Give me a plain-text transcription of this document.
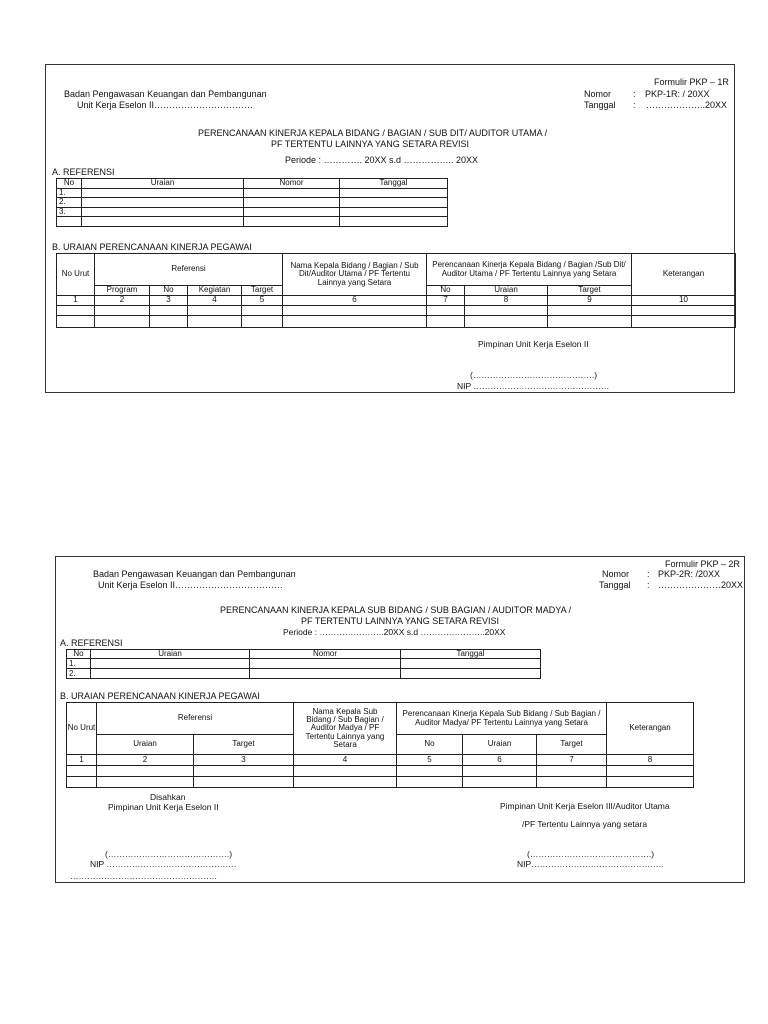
Formulir PKP – 1R
Badan Pengawasan Keuangan dan Pembangunan
Unit Kerja Eselon II……………………………
Nomor : PKP-1R: / 20XX
Tanggal : ………………..20XX
PERENCANAAN KINERJA KEPALA BIDANG / BAGIAN / SUB DIT/ AUDITOR UTAMA /
PF TERTENTU LAINNYA YANG SETARA REVISI
Periode : …………. 20XX s.d …………….. 20XX
A. REFERENSI
No	Uraian	Nomor	Tanggal
1.			
2.			
3.			

B. URAIAN PERENCANAAN KINERJA PEGAWAI
No Urut	Referensi				Nama Kepala Bidang / Bagian / Sub Dit/Auditor Utama / PF Tertentu Lainnya yang Setara	Perencanaan Kinerja Kepala Bidang / Bagian /Sub Dit/ Auditor Utama / PF Tertentu Lainnya yang Setara			Keterangan
	Program	No	Kegiatan	Target		No	Uraian	Target	
1	2	3	4	5	6	7	8	9	10

Pimpinan Unit Kerja Eselon II
(…………………………………….)
NIP …………………………………………
Formulir PKP – 2R
Badan Pengawasan Keuangan dan Pembangunan
Unit Kerja Eselon II………………………………
Nomor : PKP-2R: /20XX
Tanggal : …………………20XX
PERENCANAAN KINERJA KEPALA SUB BIDANG / SUB BAGIAN / AUDITOR MADYA /
PF TERTENTU LAINNYA YANG SETARA REVISI
Periode : …………………..20XX s.d …………………..20XX
A. REFERENSI
No	Uraian	Nomor	Tanggal
1.			
2.			
B. URAIAN PERENCANAAN KINERJA PEGAWAI
No Urut	Referensi		Nama Kepala Sub Bidang / Sub Bagian / Auditor Madya / PF Tertentu Lainnya yang Setara	Perencanaan Kinerja Kepala Sub Bidang / Sub Bagian / Auditor Madya/ PF Tertentu Lainnya yang Setara			Keterangan
	Uraian	Target		No	Uraian	Target	
1	2	3	4	5	6	7	8

Disahkan
Pimpinan Unit Kerja Eselon II	Pimpinan Unit Kerja Eselon III/Auditor Utama
/PF Tertentu Lainnya yang setara
(…………………………………….)
NIP ……………………………………….
…………………………………………….
(…………………………………….)
NIP………………………………………..
